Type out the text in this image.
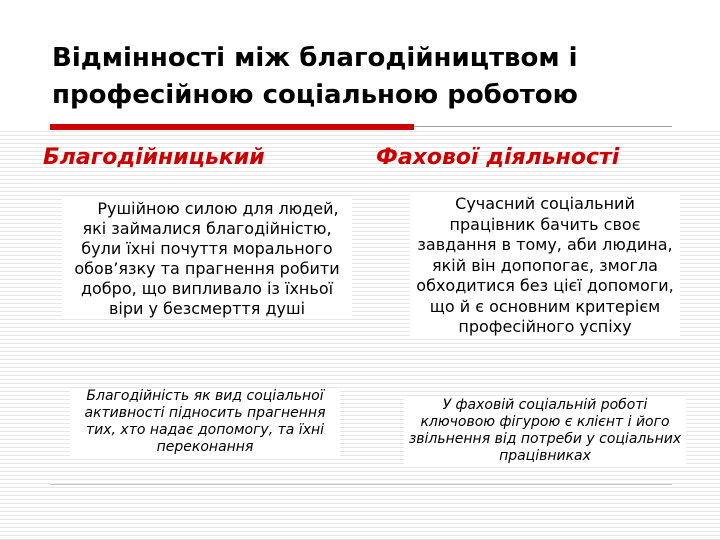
Відмінності між благодійництвом і професійною соціальною роботою
Благодійницький	Фахової діяльності

Рушійною силою для людей, які займалися благодійністю, були їхні почуття морального обов’язку та прагнення робити добро, що випливало із їхньої віри у безсмерття душі

Сучасний соціальний працівник бачить своє завдання в тому, аби людина, якій він допопогає, змогла обходитися без цієї допомоги, що й є основним критерієм професійного успіху

Благодійність як вид соціальної активності підносить прагнення тих, хто надає допомогу, та їхні переконання

У фаховій соціальній роботі ключовою фігурою є клієнт і його звільнення від потреби у соціальних працівниках
